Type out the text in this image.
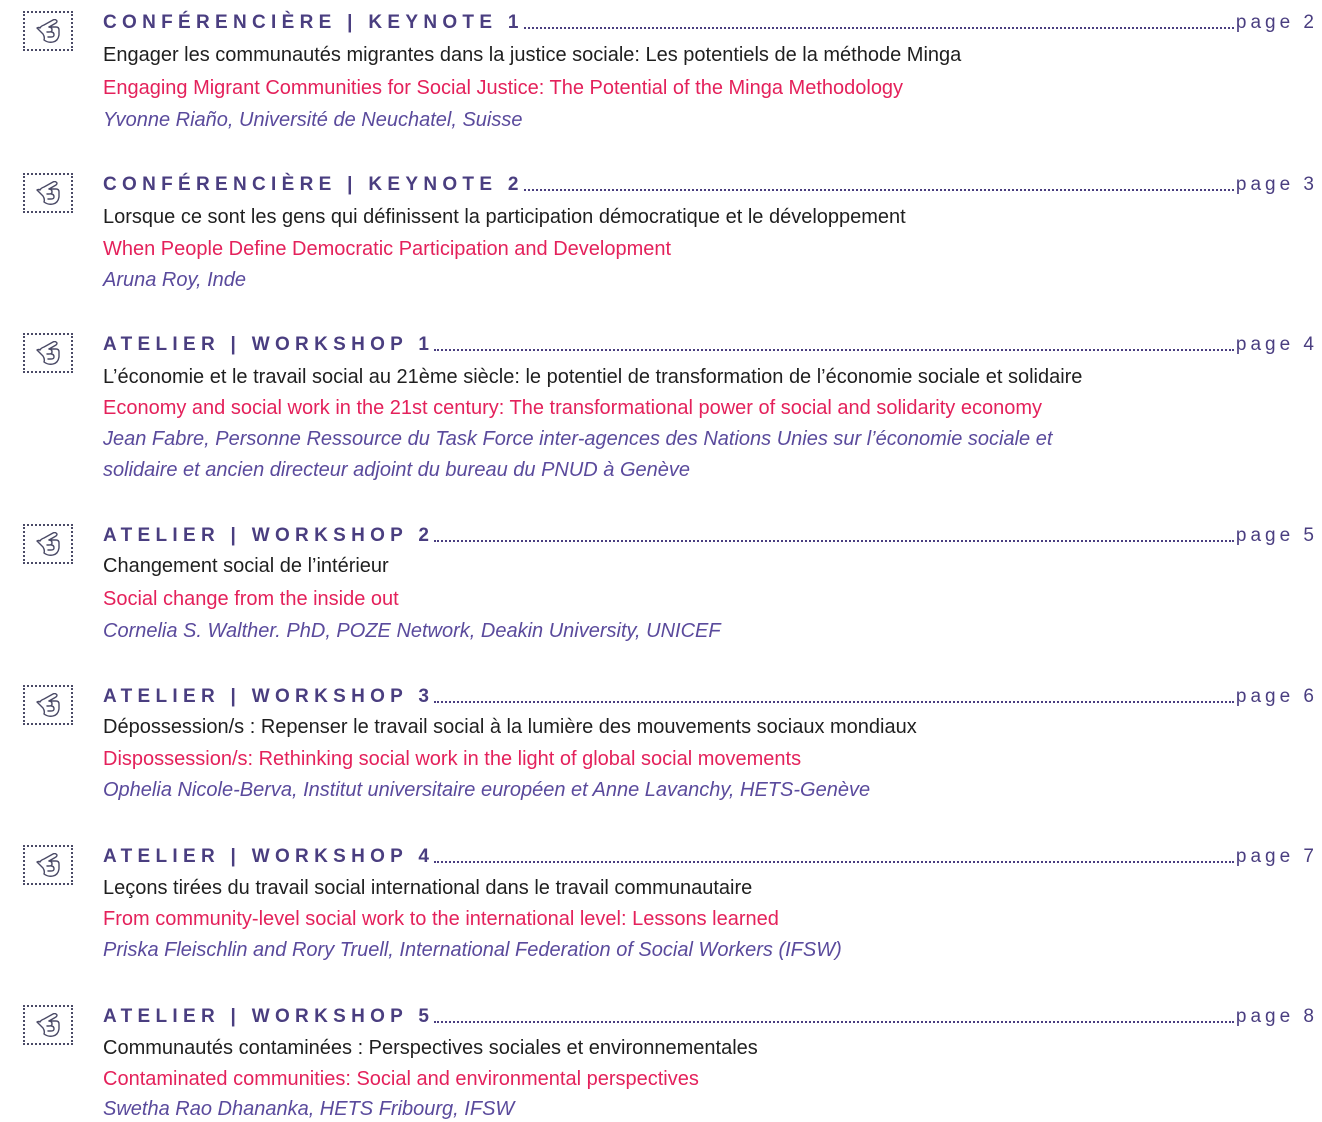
CONFÉRENCIÈRE | KEYNOTE 1	page 2
Engager les communautés migrantes dans la justice sociale: Les potentiels de la méthode Minga
Engaging Migrant Communities for Social Justice: The Potential of the Minga Methodology
Yvonne Riaño, Université de Neuchatel, Suisse
CONFÉRENCIÈRE | KEYNOTE 2	page 3
Lorsque ce sont les gens qui définissent la participation démocratique et le développement
When People Define Democratic Participation and Development
Aruna Roy, Inde
ATELIER | WORKSHOP 1	page 4
L’économie et le travail social au 21ème siècle: le potentiel de transformation de l’économie sociale et solidaire
Economy and social work in the 21st century: The transformational power of social and solidarity economy
Jean Fabre, Personne Ressource du Task Force inter-agences des Nations Unies sur l’économie sociale et
solidaire et ancien directeur adjoint du bureau du PNUD à Genève
ATELIER | WORKSHOP 2	page 5
Changement social de l’intérieur
Social change from the inside out
Cornelia S. Walther. PhD, POZE Network, Deakin University, UNICEF
ATELIER | WORKSHOP 3	page 6
Dépossession/s : Repenser le travail social à la lumière des mouvements sociaux mondiaux
Dispossession/s: Rethinking social work in the light of global social movements
Ophelia Nicole-Berva, Institut universitaire européen et Anne Lavanchy, HETS-Genève
ATELIER | WORKSHOP 4	page 7
Leçons tirées du travail social international dans le travail communautaire
From community-level social work to the international level: Lessons learned
Priska Fleischlin and Rory Truell, International Federation of Social Workers (IFSW)
ATELIER | WORKSHOP 5	page 8
Communautés contaminées : Perspectives sociales et environnementales
Contaminated communities: Social and environmental perspectives
Swetha Rao Dhananka, HETS Fribourg, IFSW
